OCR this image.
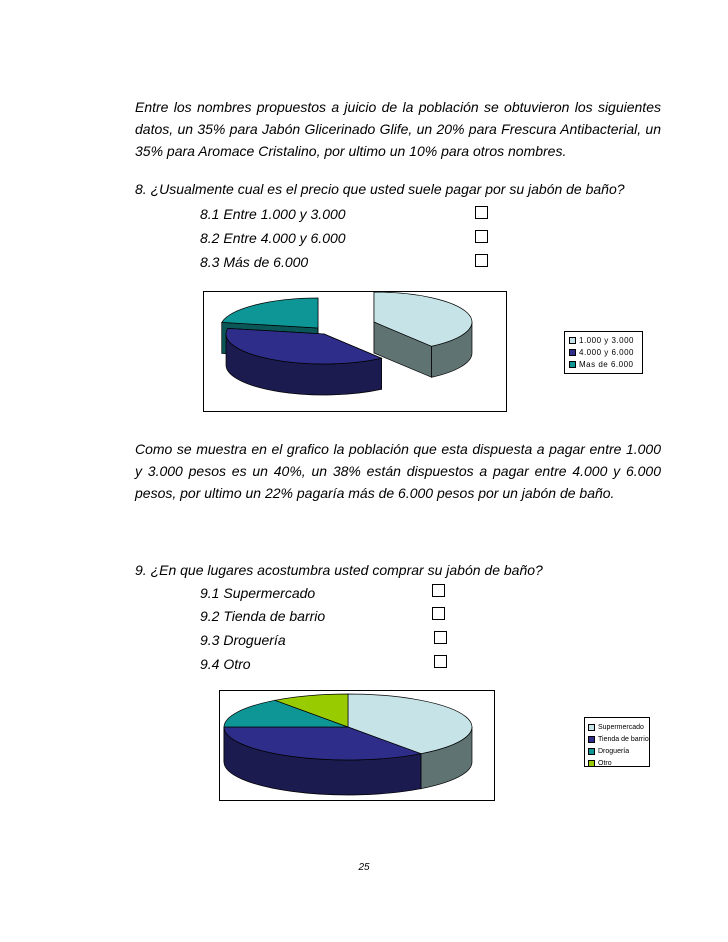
Entre los nombres propuestos a juicio de la población se obtuvieron los siguientes datos, un 35% para Jabón Glicerinado Glife, un 20% para Frescura Antibacterial, un 35% para Aromace Cristalino, por ultimo un 10% para otros nombres.

8. ¿Usualmente cual es el precio que usted suele pagar por su jabón de baño?

8.1 Entre 1.000 y 3.000

8.2 Entre 4.000 y 6.000

8.3 Más de 6.000

1.000 y 3.000
4.000 y 6.000
Mas de 6.000

Como se muestra en el grafico la población que esta dispuesta a pagar entre 1.000 y 3.000 pesos es un 40%, un 38% están dispuestos a pagar entre 4.000 y 6.000 pesos, por ultimo un 22% pagaría más de 6.000 pesos por un jabón de baño.

9. ¿En que lugares acostumbra usted comprar su jabón de baño?

9.1 Supermercado

9.2 Tienda de barrio

9.3 Droguería

9.4 Otro

Supermercado
Tienda de barrio
Droguería
Otro
25
